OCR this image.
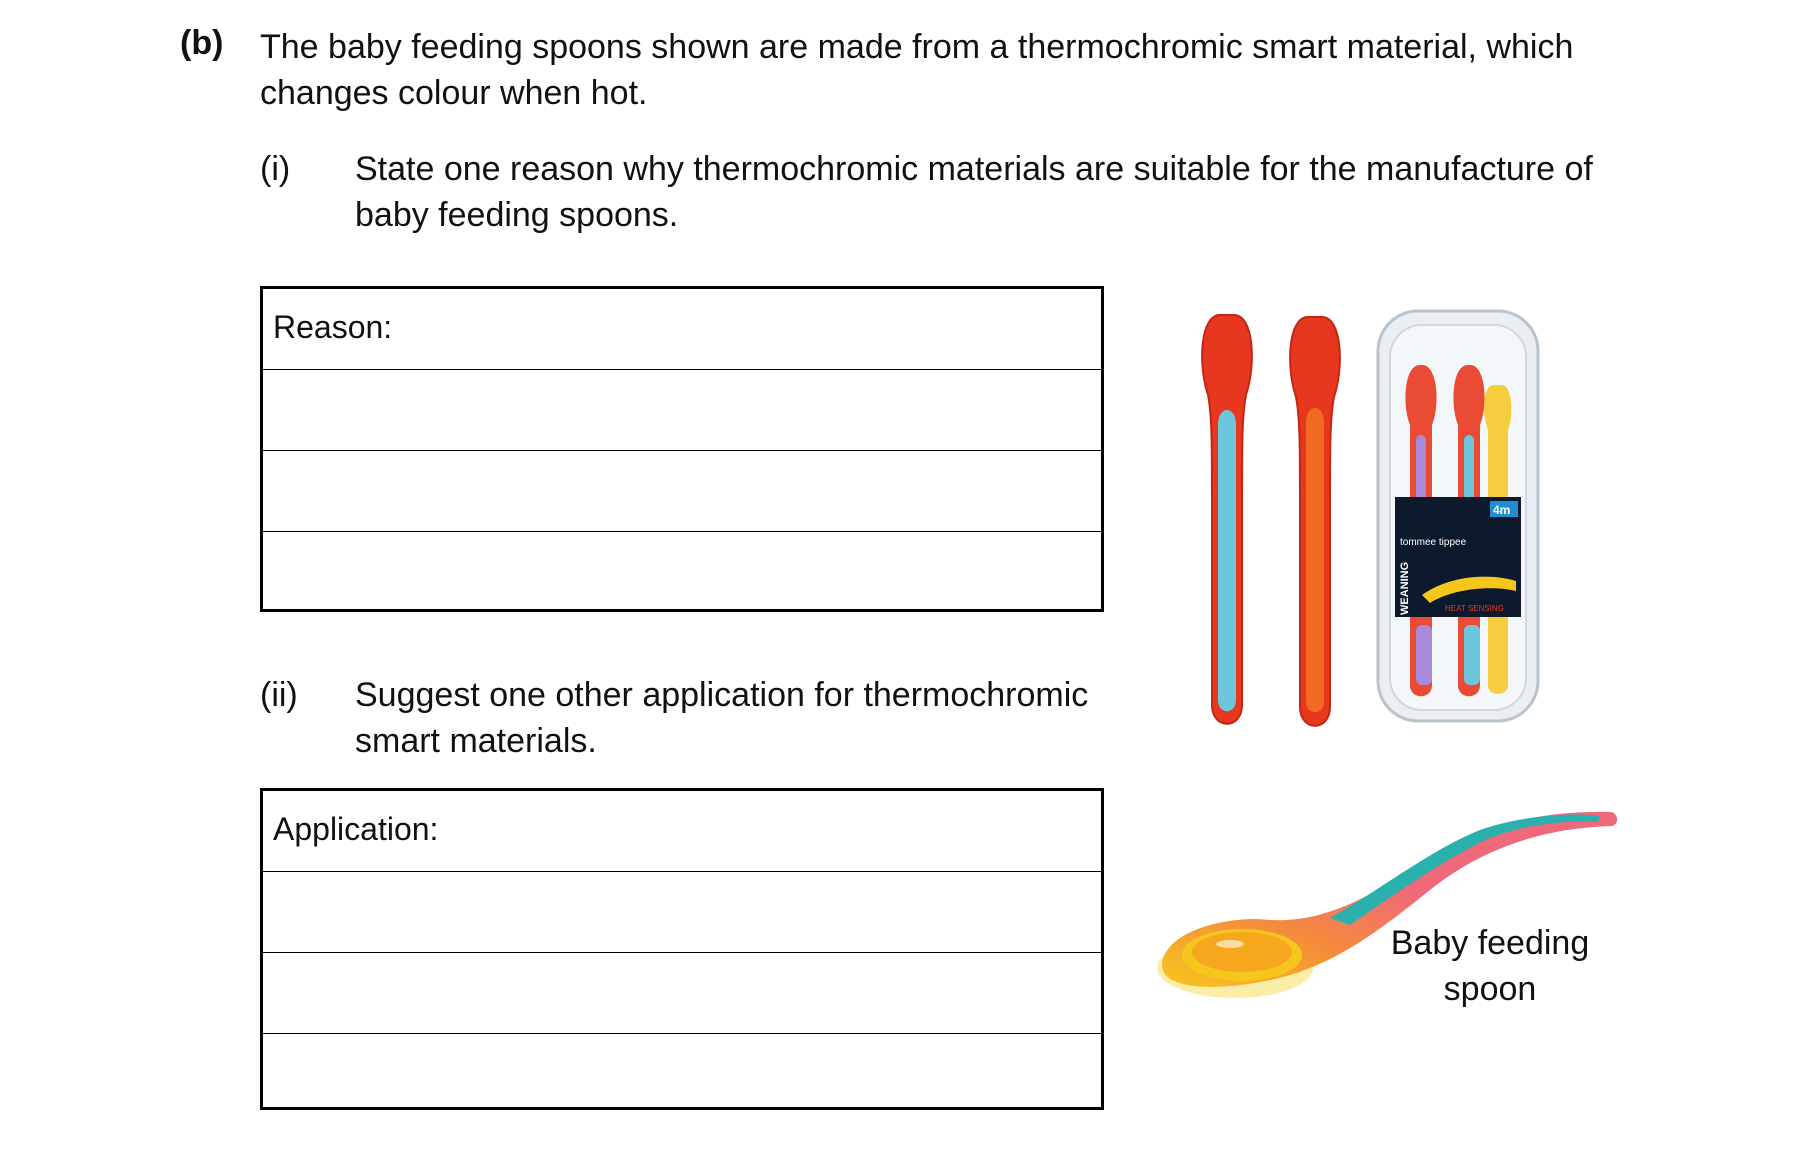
(b) The baby feeding spoons shown are made from a thermochromic smart material, which changes colour when hot.
(i) State one reason why thermochromic materials are suitable for the manufacture of baby feeding spoons.
Reason:
(ii) Suggest one other application for thermochromic smart materials.
Application:
tommee tippee
4m
WEANING	HEAT SENSING
Baby feeding spoon
